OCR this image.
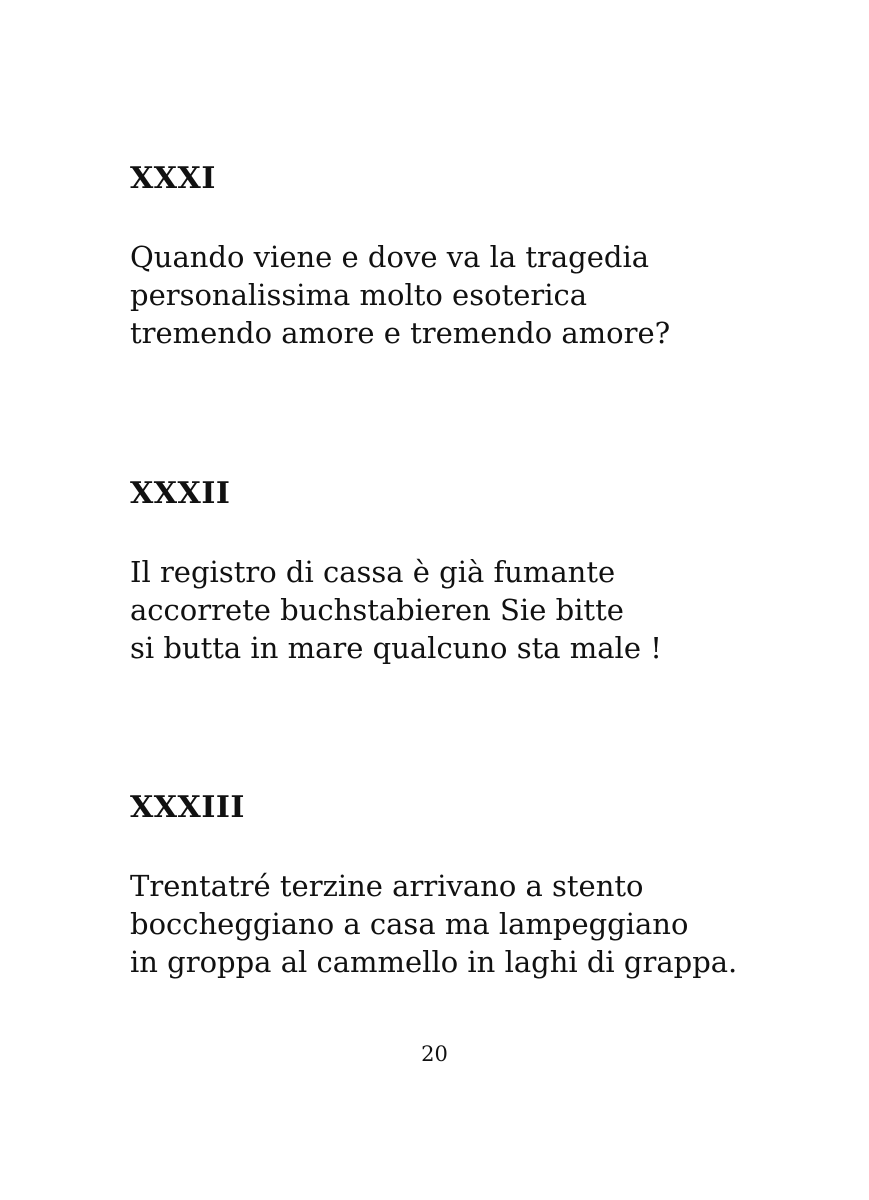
XXXI

Quando viene e dove va la tragedia
personalissima molto esoterica
tremendo amore e tremendo amore?

XXXII

Il registro di cassa è già fumante
accorrete buchstabieren Sie bitte
si butta in mare qualcuno sta male !

XXXIII

Trentatré terzine arrivano a stento
boccheggiano a casa ma lampeggiano
in groppa al cammello in laghi di grappa.

20
